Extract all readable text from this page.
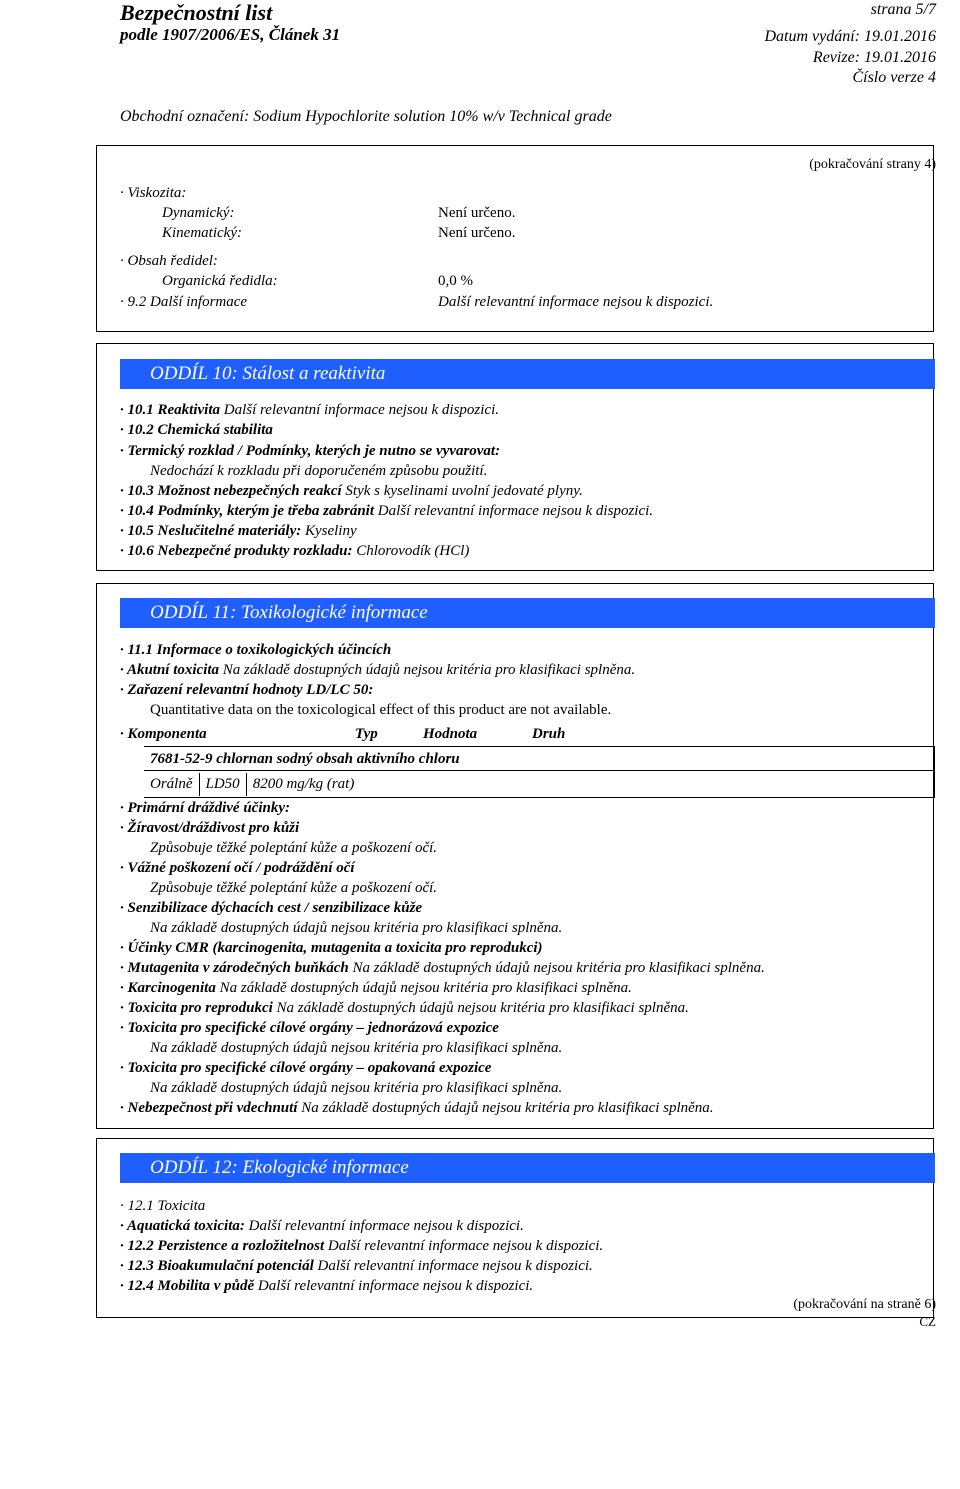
Bezpečnostní list
podle 1907/2006/ES, Článek 31
strana 5/7
Datum vydání: 19.01.2016
Revize: 19.01.2016
Číslo verze 4
Obchodní označení: Sodium Hypochlorite solution 10% w/v Technical grade
(pokračování strany 4)
· Viskozita:
Dynamický:	Není určeno.
Kinematický:	Není určeno.
· Obsah ředidel:
Organická ředidla:	0,0 %
· 9.2 Další informace	Další relevantní informace nejsou k dispozici.
ODDÍL 10: Stálost a reaktivita
· 10.1 Reaktivita Další relevantní informace nejsou k dispozici.
· 10.2 Chemická stabilita
· Termický rozklad / Podmínky, kterých je nutno se vyvarovat:
Nedochází k rozkladu při doporučeném způsobu použití.
· 10.3 Možnost nebezpečných reakcí Styk s kyselinami uvolní jedovaté plyny.
· 10.4 Podmínky, kterým je třeba zabránit Další relevantní informace nejsou k dispozici.
· 10.5 Neslučitelné materiály: Kyseliny
· 10.6 Nebezpečné produkty rozkladu: Chlorovodík (HCl)
ODDÍL 11: Toxikologické informace
· 11.1 Informace o toxikologických účincích
· Akutní toxicita Na základě dostupných údajů nejsou kritéria pro klasifikaci splněna.
· Zařazení relevantní hodnoty LD/LC 50:
Quantitative data on the toxicological effect of this product are not available.
· Komponenta	Typ	Hodnota	Druh
7681-52-9 chlornan sodný obsah aktivního chloru
Orálně LD50 8200 mg/kg (rat)
· Primární dráždivé účinky:
· Žíravost/dráždivost pro kůži
Způsobuje těžké poleptání kůže a poškození očí.
· Vážné poškození očí / podráždění očí
Způsobuje těžké poleptání kůže a poškození očí.
· Senzibilizace dýchacích cest / senzibilizace kůže
Na základě dostupných údajů nejsou kritéria pro klasifikaci splněna.
· Účinky CMR (karcinogenita, mutagenita a toxicita pro reprodukci)
· Mutagenita v zárodečných buňkách Na základě dostupných údajů nejsou kritéria pro klasifikaci splněna.
· Karcinogenita Na základě dostupných údajů nejsou kritéria pro klasifikaci splněna.
· Toxicita pro reprodukci Na základě dostupných údajů nejsou kritéria pro klasifikaci splněna.
· Toxicita pro specifické cílové orgány – jednorázová expozice
Na základě dostupných údajů nejsou kritéria pro klasifikaci splněna.
· Toxicita pro specifické cílové orgány – opakovaná expozice
Na základě dostupných údajů nejsou kritéria pro klasifikaci splněna.
· Nebezpečnost při vdechnutí Na základě dostupných údajů nejsou kritéria pro klasifikaci splněna.
ODDÍL 12: Ekologické informace
· 12.1 Toxicita
· Aquatická toxicita: Další relevantní informace nejsou k dispozici.
· 12.2 Perzistence a rozložitelnost Další relevantní informace nejsou k dispozici.
· 12.3 Bioakumulační potenciál Další relevantní informace nejsou k dispozici.
· 12.4 Mobilita v půdě Další relevantní informace nejsou k dispozici.
(pokračování na straně 6)
CZ
